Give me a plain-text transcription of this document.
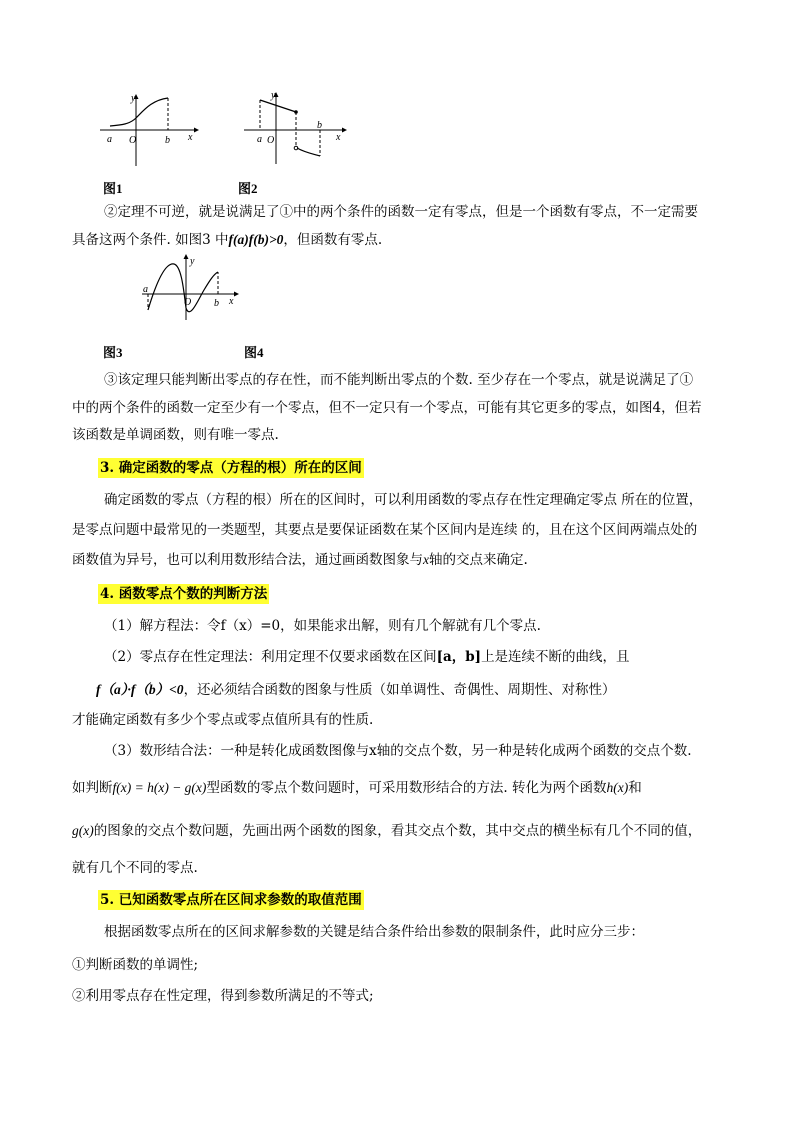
y
x
a O	b
y
x
a O
b
图1	图2
②定理不可逆，就是说满足了①中的两个条件的函数一定有零点，但是一个函数有零点，不一定需要
具备这两个条件. 如图3 中f(a)f(b)>0，但函数有零点.
y
x
a
O b
图3	图4
③该定理只能判断出零点的存在性，而不能判断出零点的个数. 至少存在一个零点，就是说满足了①
中的两个条件的函数一定至少有一个零点，但不一定只有一个零点，可能有其它更多的零点，如图4，但若
该函数是单调函数，则有唯一零点.
3. 确定函数的零点（方程的根）所在的区间
确定函数的零点（方程的根）所在的区间时，可以利用函数的零点存在性定理确定零点 所在的位置，
是零点问题中最常见的一类题型，其要点是要保证函数在某个区间内是连续 的，且在这个区间两端点处的
函数值为异号，也可以利用数形结合法，通过画函数图象与x轴的交点来确定.
4. 函数零点个数的判断方法
（1）解方程法：令f（x）=0，如果能求出解，则有几个解就有几个零点.
（2）零点存在性定理法：利用定理不仅要求函数在区间[a，b]上是连续不断的曲线，且
f（a）·f（b）<0，还必须结合函数的图象与性质（如单调性、奇偶性、周期性、对称性）
才能确定函数有多少个零点或零点值所具有的性质.
（3）数形结合法：一种是转化成函数图像与x轴的交点个数，另一种是转化成两个函数的交点个数.
如判断f(x) = h(x) − g(x)型函数的零点个数问题时，可采用数形结合的方法. 转化为两个函数h(x)和
g(x)的图象的交点个数问题，先画出两个函数的图象，看其交点个数，其中交点的横坐标有几个不同的值，
就有几个不同的零点.
5. 已知函数零点所在区间求参数的取值范围
根据函数零点所在的区间求解参数的关键是结合条件给出参数的限制条件，此时应分三步：
①判断函数的单调性;
②利用零点存在性定理，得到参数所满足的不等式;
